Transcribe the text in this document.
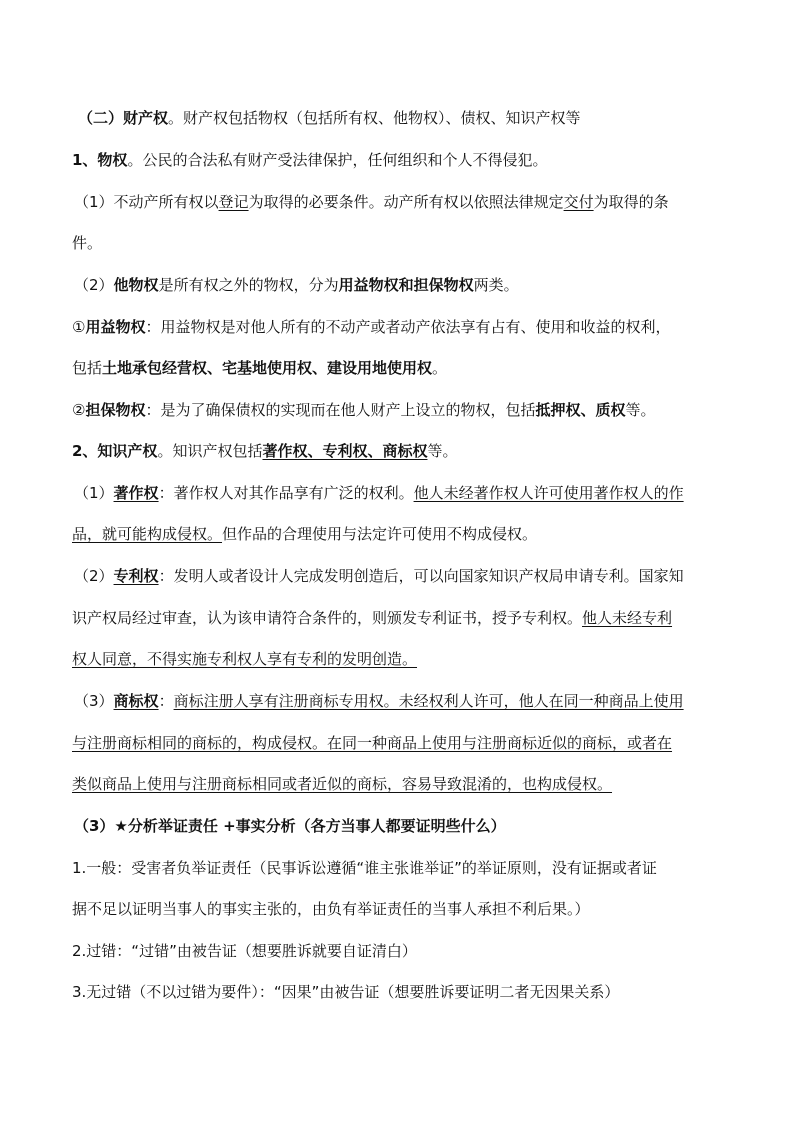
（二）财产权。财产权包括物权（包括所有权、他物权）、债权、知识产权等
1、物权。公民的合法私有财产受法律保护，任何组织和个人不得侵犯。
（1）不动产所有权以登记为取得的必要条件。动产所有权以依照法律规定交付为取得的条
件。
（2）他物权是所有权之外的物权，分为用益物权和担保物权两类。
①用益物权：用益物权是对他人所有的不动产或者动产依法享有占有、使用和收益的权利，
包括土地承包经营权、宅基地使用权、建设用地使用权。
②担保物权：是为了确保债权的实现而在他人财产上设立的物权，包括抵押权、质权等。
2、知识产权。知识产权包括著作权、专利权、商标权等。
（1）著作权：著作权人对其作品享有广泛的权利。他人未经著作权人许可使用著作权人的作
品，就可能构成侵权。但作品的合理使用与法定许可使用不构成侵权。
（2）专利权：发明人或者设计人完成发明创造后，可以向国家知识产权局申请专利。国家知
识产权局经过审查，认为该申请符合条件的，则颁发专利证书，授予专利权。他人未经专利
权人同意，不得实施专利权人享有专利的发明创造。
（3）商标权：商标注册人享有注册商标专用权。未经权利人许可，他人在同一种商品上使用
与注册商标相同的商标的，构成侵权。在同一种商品上使用与注册商标近似的商标，或者在
类似商品上使用与注册商标相同或者近似的商标，容易导致混淆的，也构成侵权。
（3）★分析举证责任 +事实分析（各方当事人都要证明些什么）
1.一般：受害者负举证责任（民事诉讼遵循“谁主张谁举证”的举证原则，没有证据或者证
据不足以证明当事人的事实主张的，由负有举证责任的当事人承担不利后果。）
2.过错：“过错”由被告证（想要胜诉就要自证清白）
3.无过错（不以过错为要件）：“因果”由被告证（想要胜诉要证明二者无因果关系）
